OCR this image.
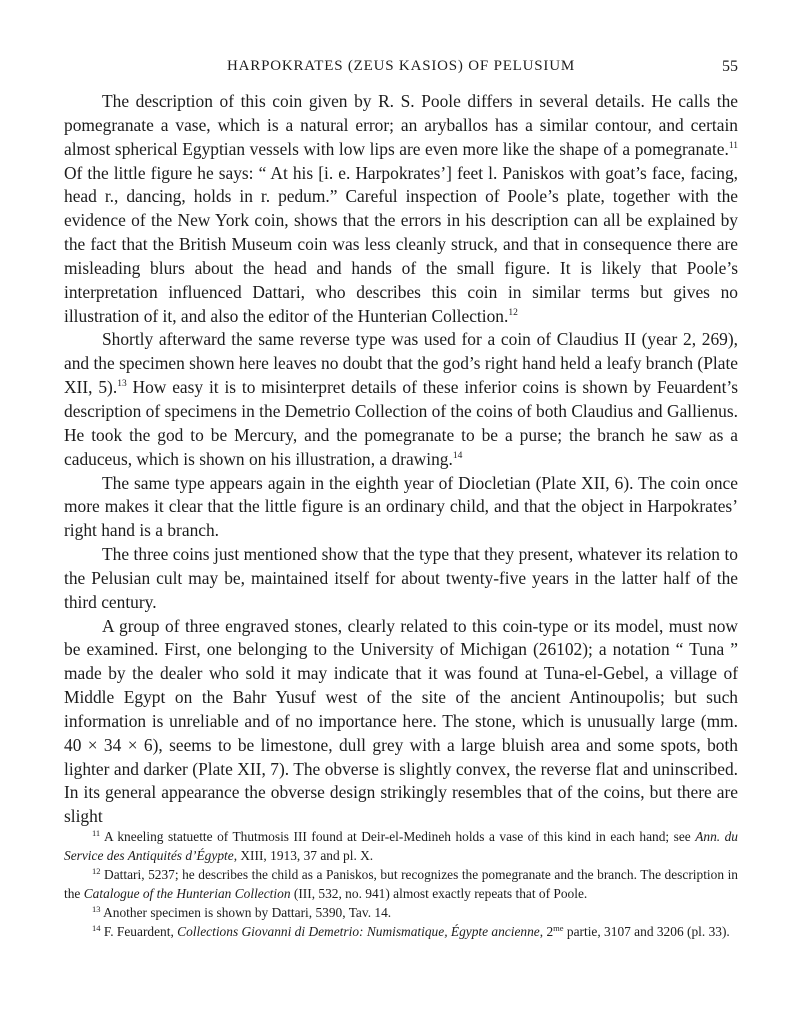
HARPOKRATES (ZEUS KASIOS) OF PELUSIUM	55

The description of this coin given by R. S. Poole differs in several details. He calls the pomegranate a vase, which is a natural error; an aryballos has a similar contour, and certain almost spherical Egyptian vessels with low lips are even more like the shape of a pomegranate.$^{11}$ Of the little figure he says: “ At his [i. e. Harpokrates’] feet l. Paniskos with goat’s face, facing, head r., dancing, holds in r. pedum.” Careful inspection of Poole’s plate, together with the evidence of the New York coin, shows that the errors in his description can all be explained by the fact that the British Museum coin was less cleanly struck, and that in consequence there are misleading blurs about the head and hands of the small figure. It is likely that Poole’s interpretation influenced Dattari, who describes this coin in similar terms but gives no illustration of it, and also the editor of the Hunterian Collection.$^{12}$

Shortly afterward the same reverse type was used for a coin of Claudius II (year 2, 269), and the specimen shown here leaves no doubt that the god’s right hand held a leafy branch (Plate XII, 5).$^{13}$ How easy it is to misinterpret details of these inferior coins is shown by Feuardent’s description of specimens in the Demetrio Collection of the coins of both Claudius and Gallienus. He took the god to be Mercury, and the pomegranate to be a purse; the branch he saw as a caduceus, which is shown on his illustration, a drawing.$^{14}$

The same type appears again in the eighth year of Diocletian (Plate XII, 6). The coin once more makes it clear that the little figure is an ordinary child, and that the object in Harpokrates’ right hand is a branch.

The three coins just mentioned show that the type that they present, whatever its relation to the Pelusian cult may be, maintained itself for about twenty-five years in the latter half of the third century.

A group of three engraved stones, clearly related to this coin-type or its model, must now be examined. First, one belonging to the University of Michigan (26102); a notation “ Tuna ” made by the dealer who sold it may indicate that it was found at Tuna-el-Gebel, a village of Middle Egypt on the Bahr Yusuf west of the site of the ancient Antinoupolis; but such information is unreliable and of no importance here. The stone, which is unusually large (mm. 40 × 34 × 6), seems to be limestone, dull grey with a large bluish area and some spots, both lighter and darker (Plate XII, 7). The obverse is slightly convex, the reverse flat and uninscribed. In its general appearance the obverse design strikingly resembles that of the coins, but there are slight

$^{11}$ A kneeling statuette of Thutmosis III found at Deir-el-Medineh holds a vase of this kind in each hand; see Ann. du Service des Antiquités d’Égypte, XIII, 1913, 37 and pl. X.

$^{12}$ Dattari, 5237; he describes the child as a Paniskos, but recognizes the pomegranate and the branch. The description in the Catalogue of the Hunterian Collection (III, 532, no. 941) almost exactly repeats that of Poole.

$^{13}$ Another specimen is shown by Dattari, 5390, Tav. 14.

$^{14}$ F. Feuardent, Collections Giovanni di Demetrio: Numismatique, Égypte ancienne, 2$^{me}$ partie, 3107 and 3206 (pl. 33).
